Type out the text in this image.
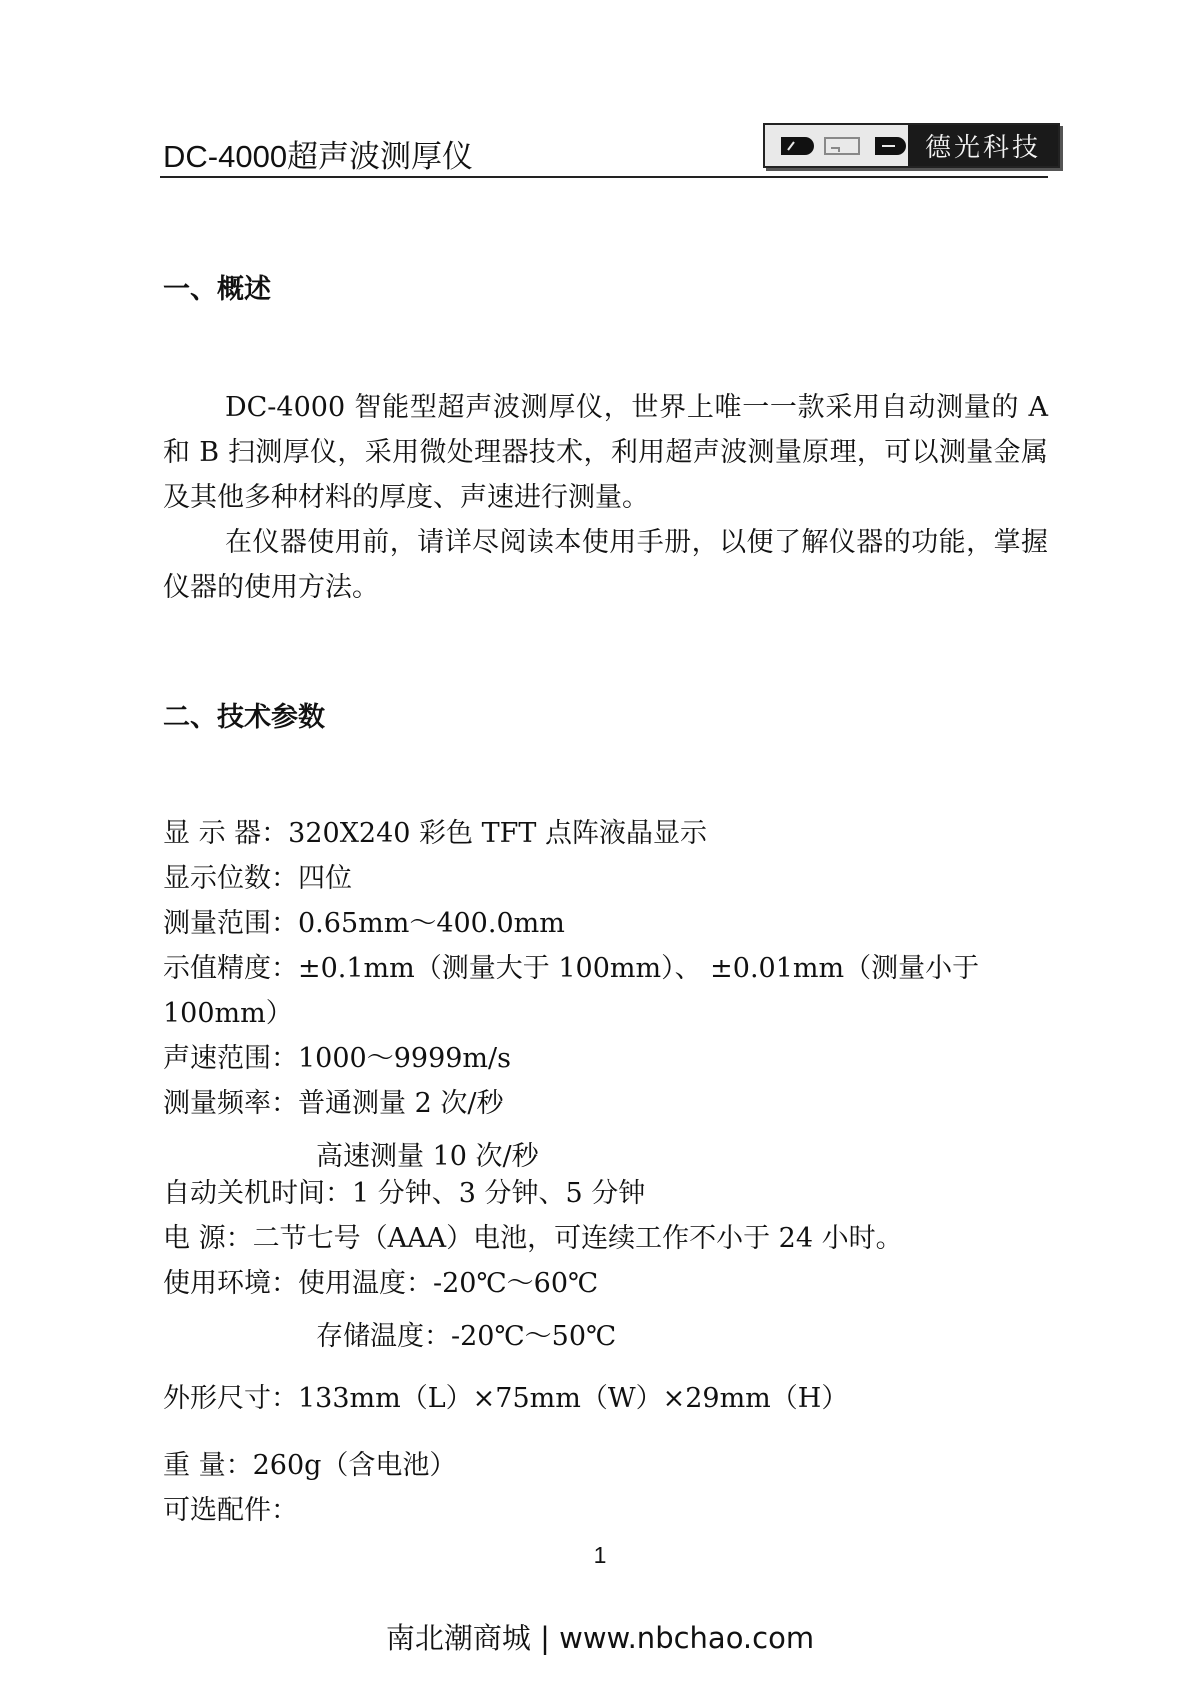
DC-4000超声波测厚仪	德光科技
一、概述

DC-4000 智能型超声波测厚仪，世界上唯一一款采用自动测量的 A 和 B 扫测厚仪，采用微处理器技术，利用超声波测量原理，可以测量金属及其他多种材料的厚度、声速进行测量。

在仪器使用前，请详尽阅读本使用手册，以便了解仪器的功能，掌握仪器的使用方法。

二、技术参数
显 示 器：320X240 彩色 TFT 点阵液晶显示
显示位数：四位
测量范围：0.65mm～400.0mm
示值精度：±0.1mm（测量大于 100mm）、 ±0.01mm（测量小于 100mm）
声速范围：1000～9999m/s
测量频率：普通测量 2 次/秒
高速测量 10 次/秒
自动关机时间：1 分钟、3 分钟、5 分钟
电 源：二节七号（AAA）电池，可连续工作不小于 24 小时。
使用环境：使用温度：-20℃～60℃
存储温度：-20℃～50℃
外形尺寸：133mm（L）×75mm（W）×29mm（H）
重 量：260g（含电池）
可选配件：
1
南北潮商城 | www.nbchao.com
